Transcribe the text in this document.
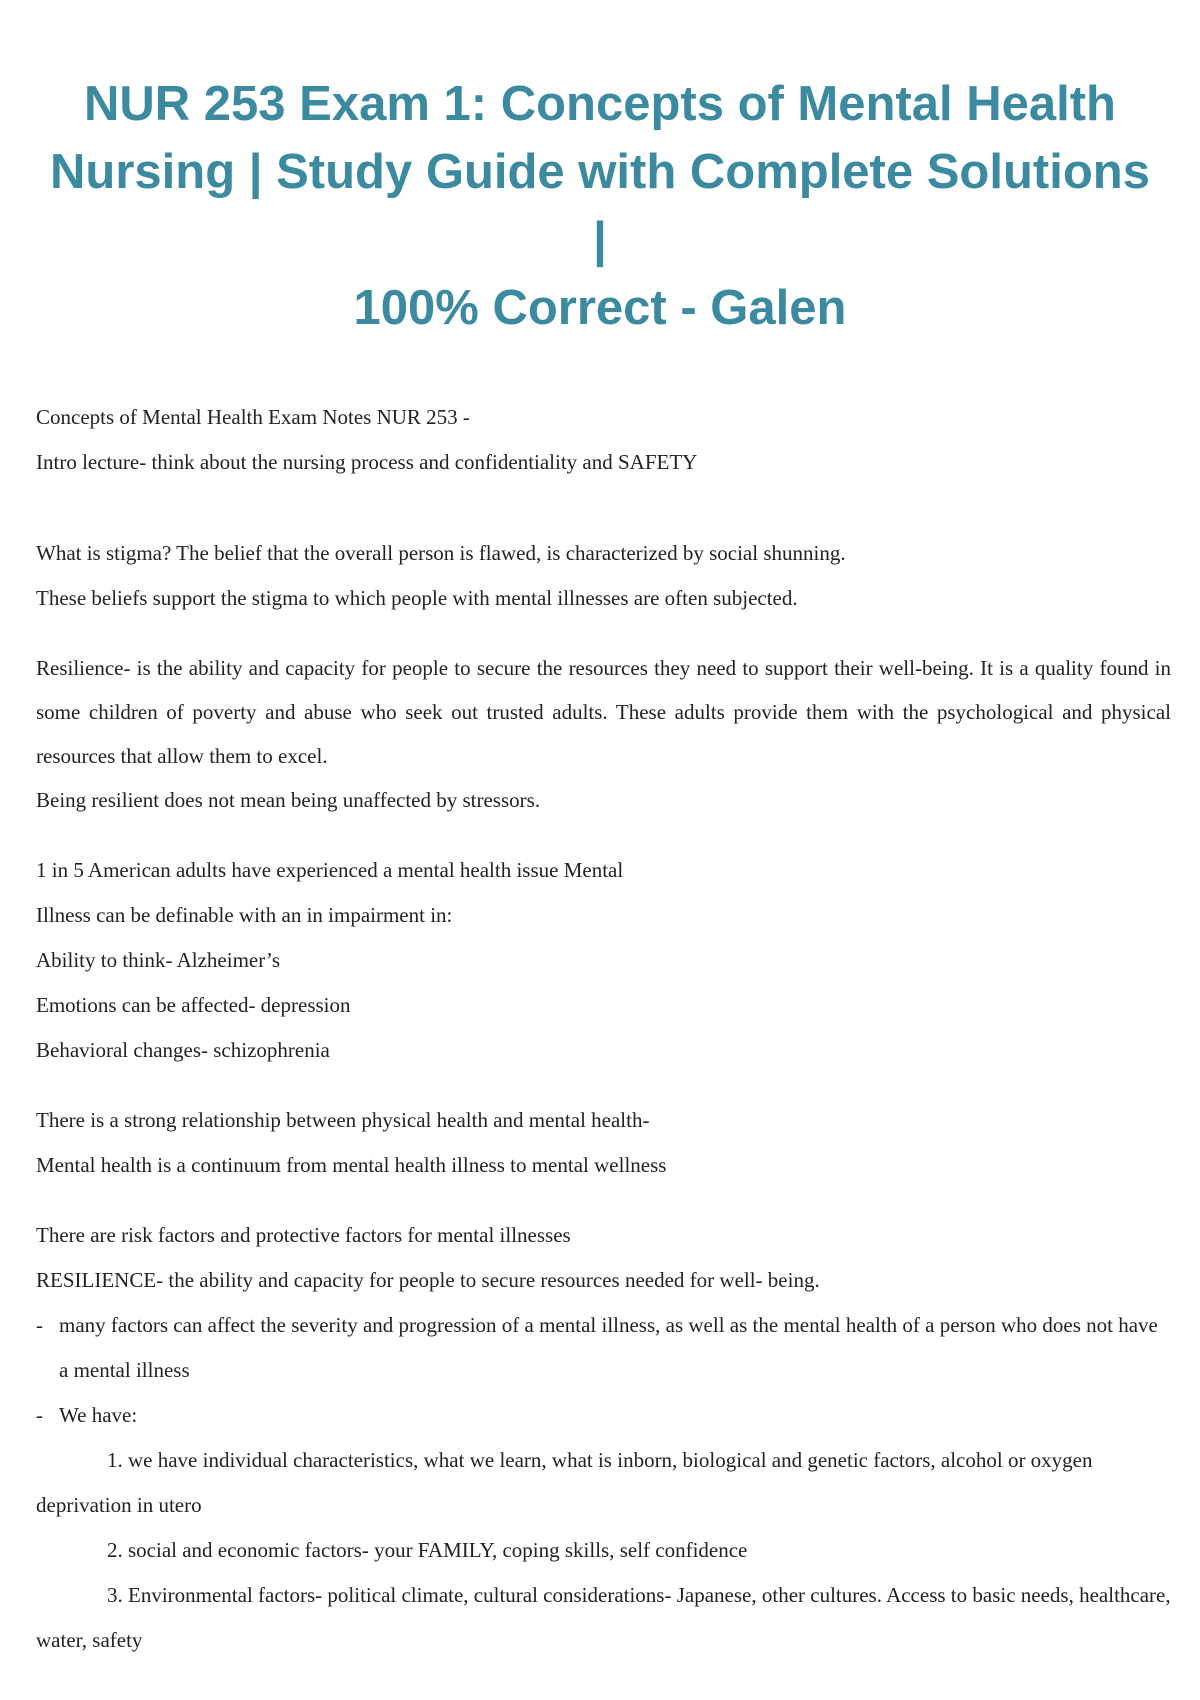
NUR 253 Exam 1: Concepts of Mental Health
Nursing | Study Guide with Complete Solutions |
100% Correct - Galen

Concepts of Mental Health Exam Notes NUR 253 -

Intro lecture- think about the nursing process and confidentiality and SAFETY

What is stigma? The belief that the overall person is flawed, is characterized by social shunning.

These beliefs support the stigma to which people with mental illnesses are often subjected.

Resilience- is the ability and capacity for people to secure the resources they need to support their well-being. It is a quality found in some children of poverty and abuse who seek out trusted adults. These adults provide them with the psychological and physical resources that allow them to excel.

Being resilient does not mean being unaffected by stressors.

1 in 5 American adults have experienced a mental health issue Mental

Illness can be definable with an in impairment in:

Ability to think- Alzheimer’s

Emotions can be affected- depression

Behavioral changes- schizophrenia

There is a strong relationship between physical health and mental health-

Mental health is a continuum from mental health illness to mental wellness

There are risk factors and protective factors for mental illnesses

RESILIENCE- the ability and capacity for people to secure resources needed for well- being.

- many factors can affect the severity and progression of a mental illness, as well as the mental health of a person who does not have a mental illness
- We have:

1. we have individual characteristics, what we learn, what is inborn, biological and genetic factors, alcohol or oxygen deprivation in utero

2. social and economic factors- your FAMILY, coping skills, self confidence

3. Environmental factors- political climate, cultural considerations- Japanese, other cultures. Access to basic needs, healthcare, water, safety
